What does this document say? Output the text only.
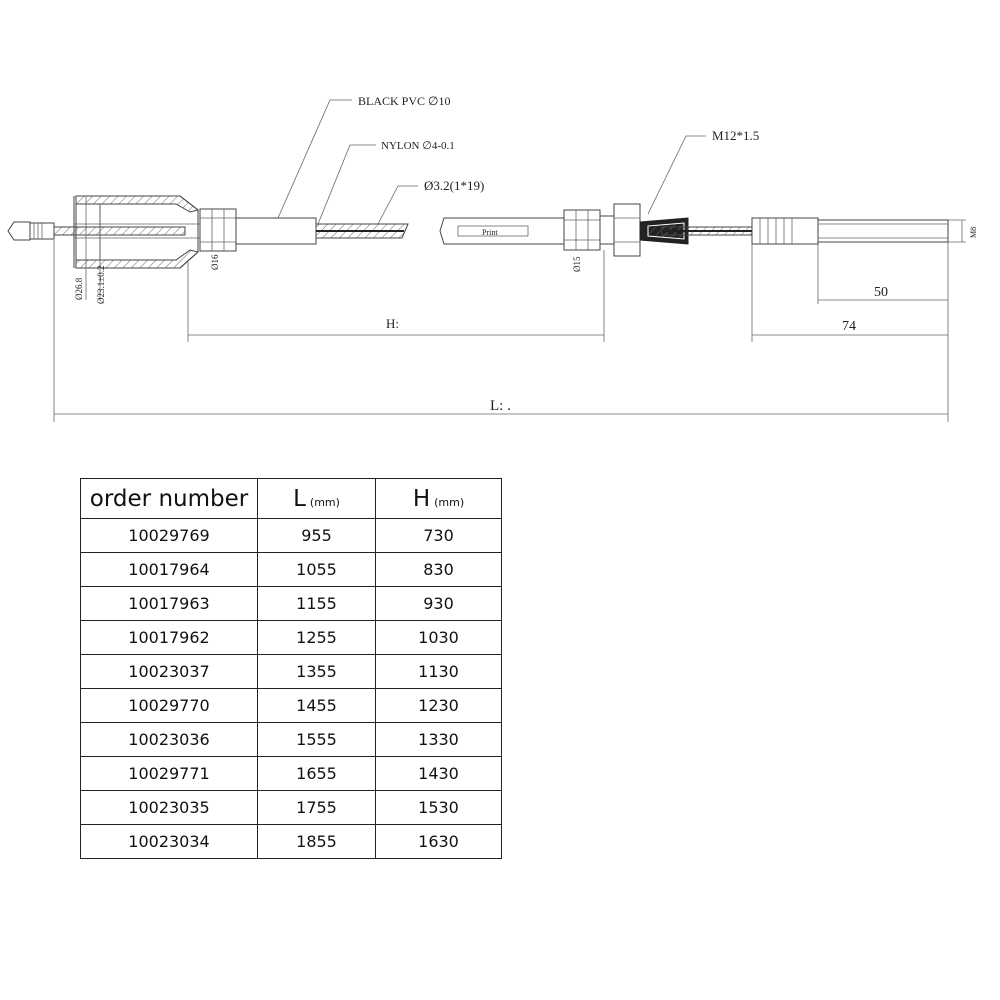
BLACK PVC ∅10
NYLON ∅4-0.1
Ø3.2(1*19)
M12*1.5
Ø26.8 Ø23.1±0.2
Ø16	Ø15
M8
Print
H:
L: .
50
74
order number	L (mm)	H (mm)
10029769	955	730
10017964	1055	830
10017963	1155	930
10017962	1255	1030
10023037	1355	1130
10029770	1455	1230
10023036	1555	1330
10029771	1655	1430
10023035	1755	1530
10023034	1855	1630
